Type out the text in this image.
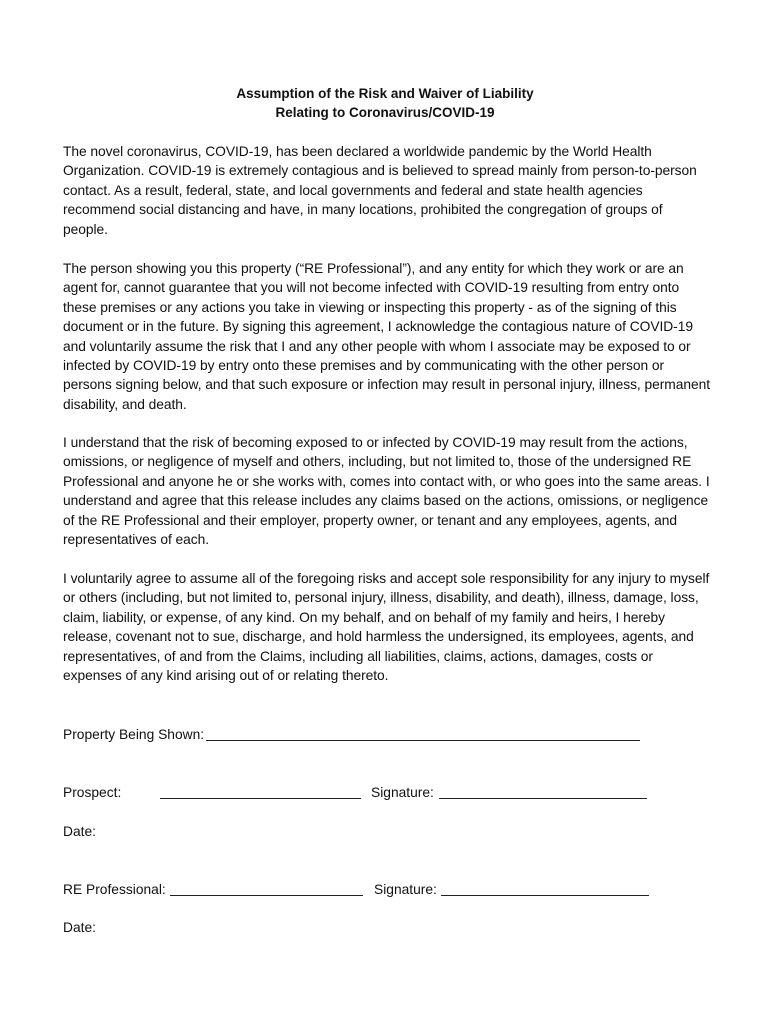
Assumption of the Risk and Waiver of Liability
Relating to Coronavirus/COVID-19

The novel coronavirus, COVID-19, has been declared a worldwide pandemic by the World Health Organization. COVID-19 is extremely contagious and is believed to spread mainly from person-to-person contact. As a result, federal, state, and local governments and federal and state health agencies recommend social distancing and have, in many locations, prohibited the congregation of groups of people.

The person showing you this property (“RE Professional”), and any entity for which they work or are an agent for, cannot guarantee that you will not become infected with COVID-19 resulting from entry onto these premises or any actions you take in viewing or inspecting this property - as of the signing of this document or in the future. By signing this agreement, I acknowledge the contagious nature of COVID-19 and voluntarily assume the risk that I and any other people with whom I associate may be exposed to or infected by COVID-19 by entry onto these premises and by communicating with the other person or persons signing below, and that such exposure or infection may result in personal injury, illness, permanent disability, and death.

I understand that the risk of becoming exposed to or infected by COVID-19 may result from the actions, omissions, or negligence of myself and others, including, but not limited to, those of the undersigned RE Professional and anyone he or she works with, comes into contact with, or who goes into the same areas. I understand and agree that this release includes any claims based on the actions, omissions, or negligence of the RE Professional and their employer, property owner, or tenant and any employees, agents, and representatives of each.

I voluntarily agree to assume all of the foregoing risks and accept sole responsibility for any injury to myself or others (including, but not limited to, personal injury, illness, disability, and death), illness, damage, loss, claim, liability, or expense, of any kind. On my behalf, and on behalf of my family and heirs, I hereby release, covenant not to sue, discharge, and hold harmless the undersigned, its employees, agents, and representatives, of and from the Claims, including all liabilities, claims, actions, damages, costs or expenses of any kind arising out of or relating thereto.

Property Being Shown:
Prospect:	Signature:
Date:
RE Professional:	Signature:
Date:
